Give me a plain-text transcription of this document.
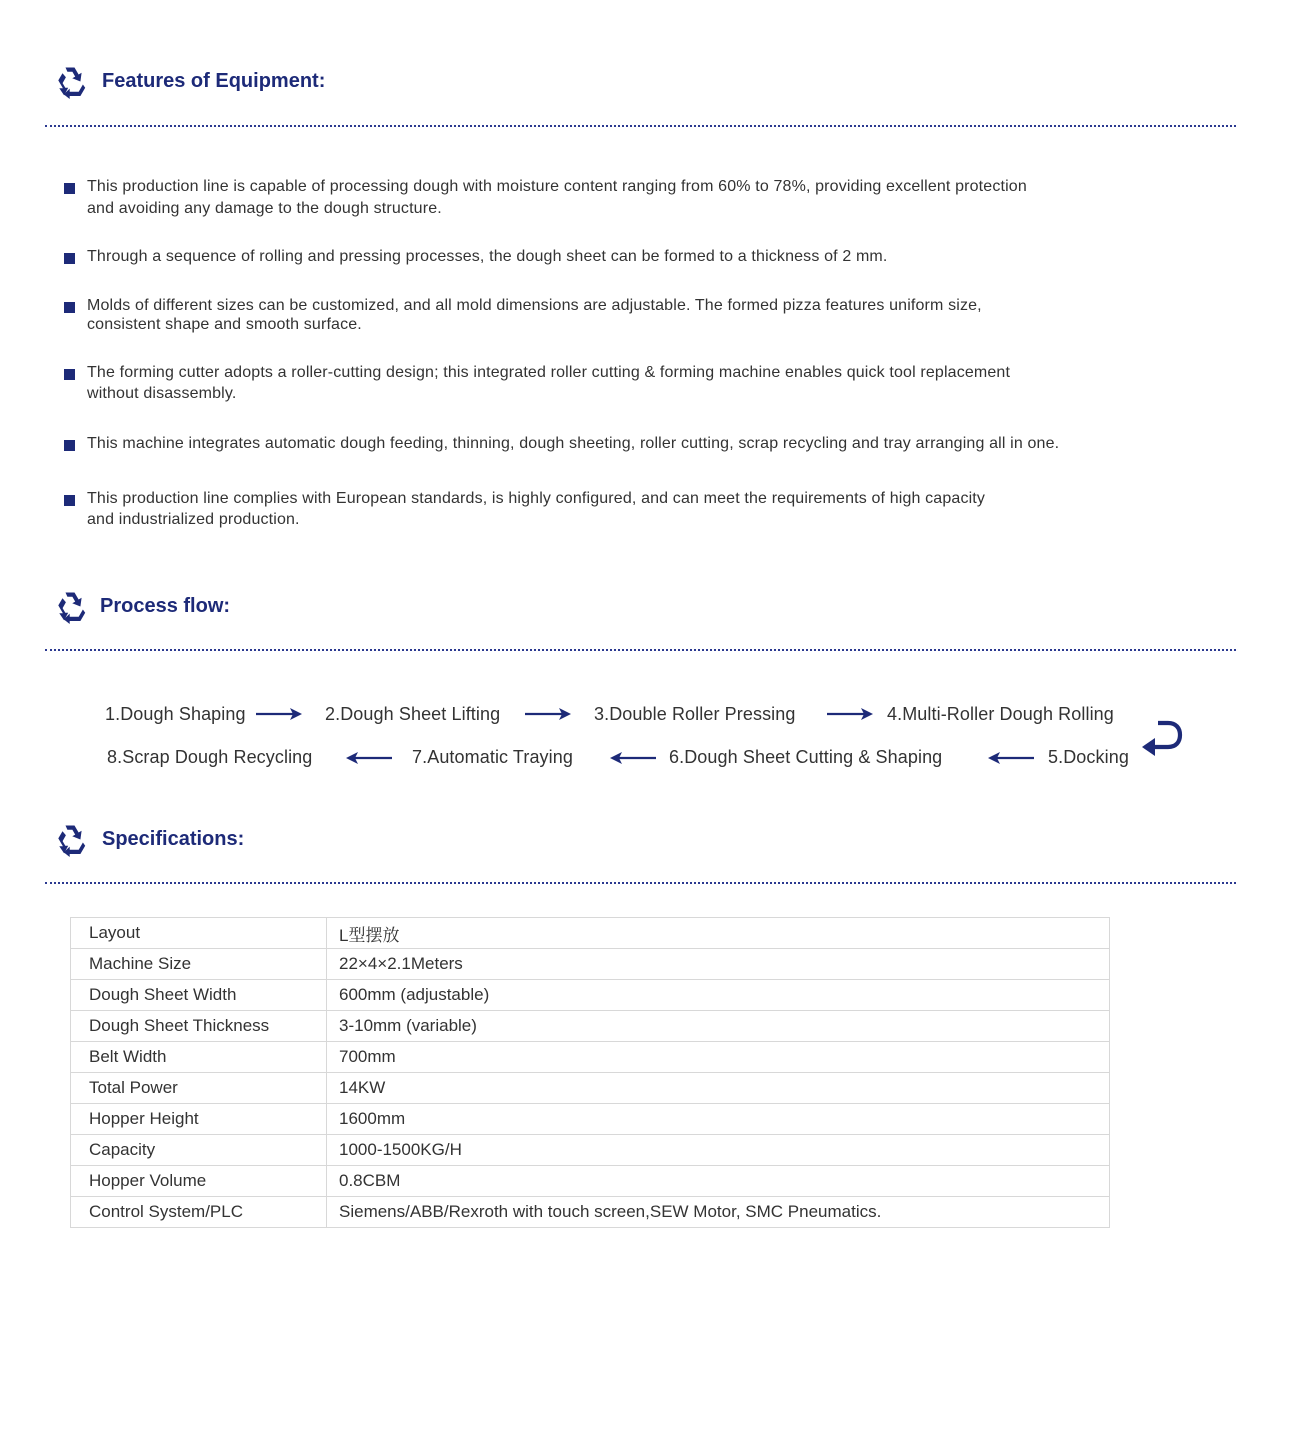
Features of Equipment:
This production line is capable of processing dough with moisture content ranging from 60% to 78%, providing excellent protection
and avoiding any damage to the dough structure.
Through a sequence of rolling and pressing processes, the dough sheet can be formed to a thickness of 2 mm.
Molds of different sizes can be customized, and all mold dimensions are adjustable. The formed pizza features uniform size,
consistent shape and smooth surface.
The forming cutter adopts a roller-cutting design; this integrated roller cutting & forming machine enables quick tool replacement
without disassembly.
This machine integrates automatic dough feeding, thinning, dough sheeting, roller cutting, scrap recycling and tray arranging all in one.
This production line complies with European standards, is highly configured, and can meet the requirements of high capacity
and industrialized production.
Process flow:
1.Dough Shaping	2.Dough Sheet Lifting	3.Double Roller Pressing	4.Multi-Roller Dough Rolling
8.Scrap Dough Recycling	7.Automatic Traying	6.Dough Sheet Cutting & Shaping	5.Docking
Specifications:
Layout	L型摆放
Machine Size	22×4×2.1Meters
Dough Sheet Width	600mm (adjustable)
Dough Sheet Thickness	3-10mm (variable)
Belt Width	700mm
Total Power	14KW
Hopper Height	1600mm
Capacity	1000-1500KG/H
Hopper Volume	0.8CBM
Control System/PLC	Siemens/ABB/Rexroth with touch screen,SEW Motor, SMC Pneumatics.
